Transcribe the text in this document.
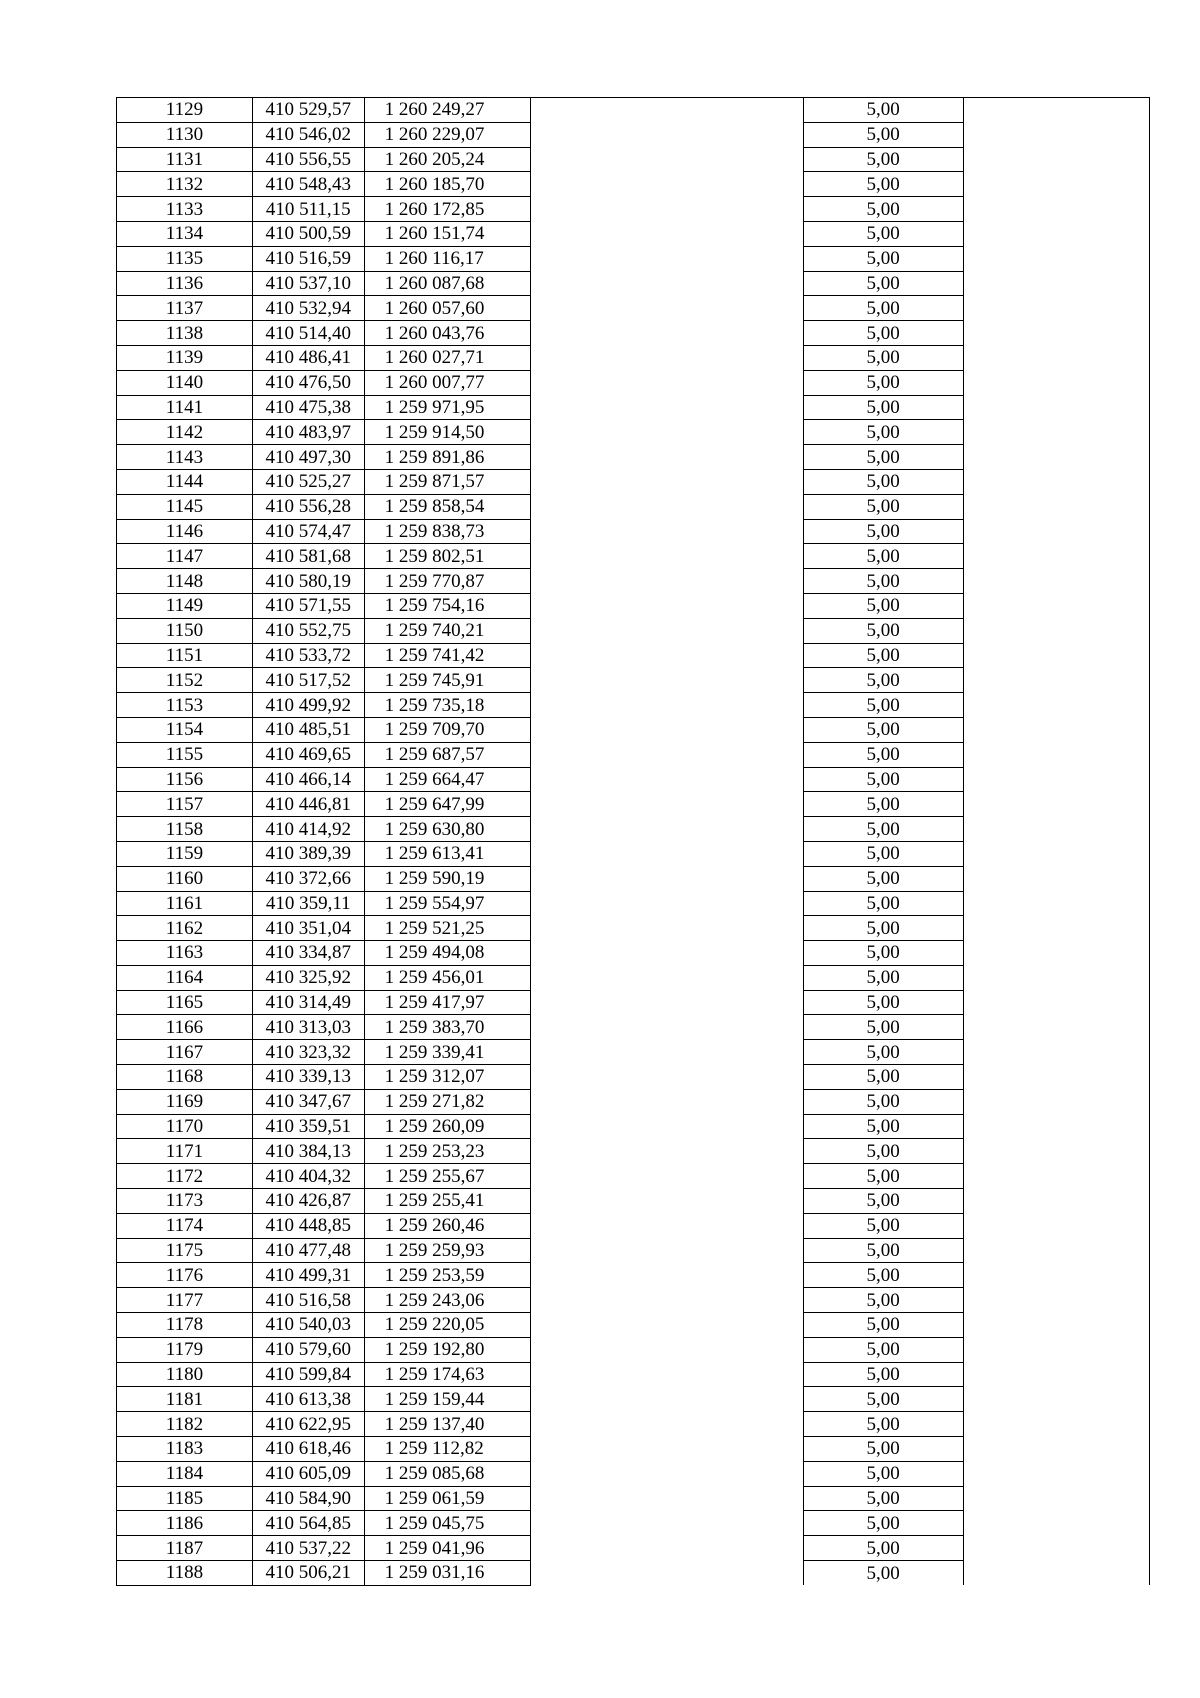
1129	410 529,57	1 260 249,27		5,00	
1130	410 546,02	1 260 229,07		5,00	
1131	410 556,55	1 260 205,24		5,00	
1132	410 548,43	1 260 185,70		5,00	
1133	410 511,15	1 260 172,85		5,00	
1134	410 500,59	1 260 151,74		5,00	
1135	410 516,59	1 260 116,17		5,00	
1136	410 537,10	1 260 087,68		5,00	
1137	410 532,94	1 260 057,60		5,00	
1138	410 514,40	1 260 043,76		5,00	
1139	410 486,41	1 260 027,71		5,00	
1140	410 476,50	1 260 007,77		5,00	
1141	410 475,38	1 259 971,95		5,00	
1142	410 483,97	1 259 914,50		5,00	
1143	410 497,30	1 259 891,86		5,00	
1144	410 525,27	1 259 871,57		5,00	
1145	410 556,28	1 259 858,54		5,00	
1146	410 574,47	1 259 838,73		5,00	
1147	410 581,68	1 259 802,51		5,00	
1148	410 580,19	1 259 770,87		5,00	
1149	410 571,55	1 259 754,16		5,00	
1150	410 552,75	1 259 740,21		5,00	
1151	410 533,72	1 259 741,42		5,00	
1152	410 517,52	1 259 745,91		5,00	
1153	410 499,92	1 259 735,18		5,00	
1154	410 485,51	1 259 709,70		5,00	
1155	410 469,65	1 259 687,57		5,00	
1156	410 466,14	1 259 664,47		5,00	
1157	410 446,81	1 259 647,99		5,00	
1158	410 414,92	1 259 630,80		5,00	
1159	410 389,39	1 259 613,41		5,00	
1160	410 372,66	1 259 590,19		5,00	
1161	410 359,11	1 259 554,97		5,00	
1162	410 351,04	1 259 521,25		5,00	
1163	410 334,87	1 259 494,08		5,00	
1164	410 325,92	1 259 456,01		5,00	
1165	410 314,49	1 259 417,97		5,00	
1166	410 313,03	1 259 383,70		5,00	
1167	410 323,32	1 259 339,41		5,00	
1168	410 339,13	1 259 312,07		5,00	
1169	410 347,67	1 259 271,82		5,00	
1170	410 359,51	1 259 260,09		5,00	
1171	410 384,13	1 259 253,23		5,00	
1172	410 404,32	1 259 255,67		5,00	
1173	410 426,87	1 259 255,41		5,00	
1174	410 448,85	1 259 260,46		5,00	
1175	410 477,48	1 259 259,93		5,00	
1176	410 499,31	1 259 253,59		5,00	
1177	410 516,58	1 259 243,06		5,00	
1178	410 540,03	1 259 220,05		5,00	
1179	410 579,60	1 259 192,80		5,00	
1180	410 599,84	1 259 174,63		5,00	
1181	410 613,38	1 259 159,44		5,00	
1182	410 622,95	1 259 137,40		5,00	
1183	410 618,46	1 259 112,82		5,00	
1184	410 605,09	1 259 085,68		5,00	
1185	410 584,90	1 259 061,59		5,00	
1186	410 564,85	1 259 045,75		5,00	
1187	410 537,22	1 259 041,96		5,00	
1188	410 506,21	1 259 031,16		5,00	
